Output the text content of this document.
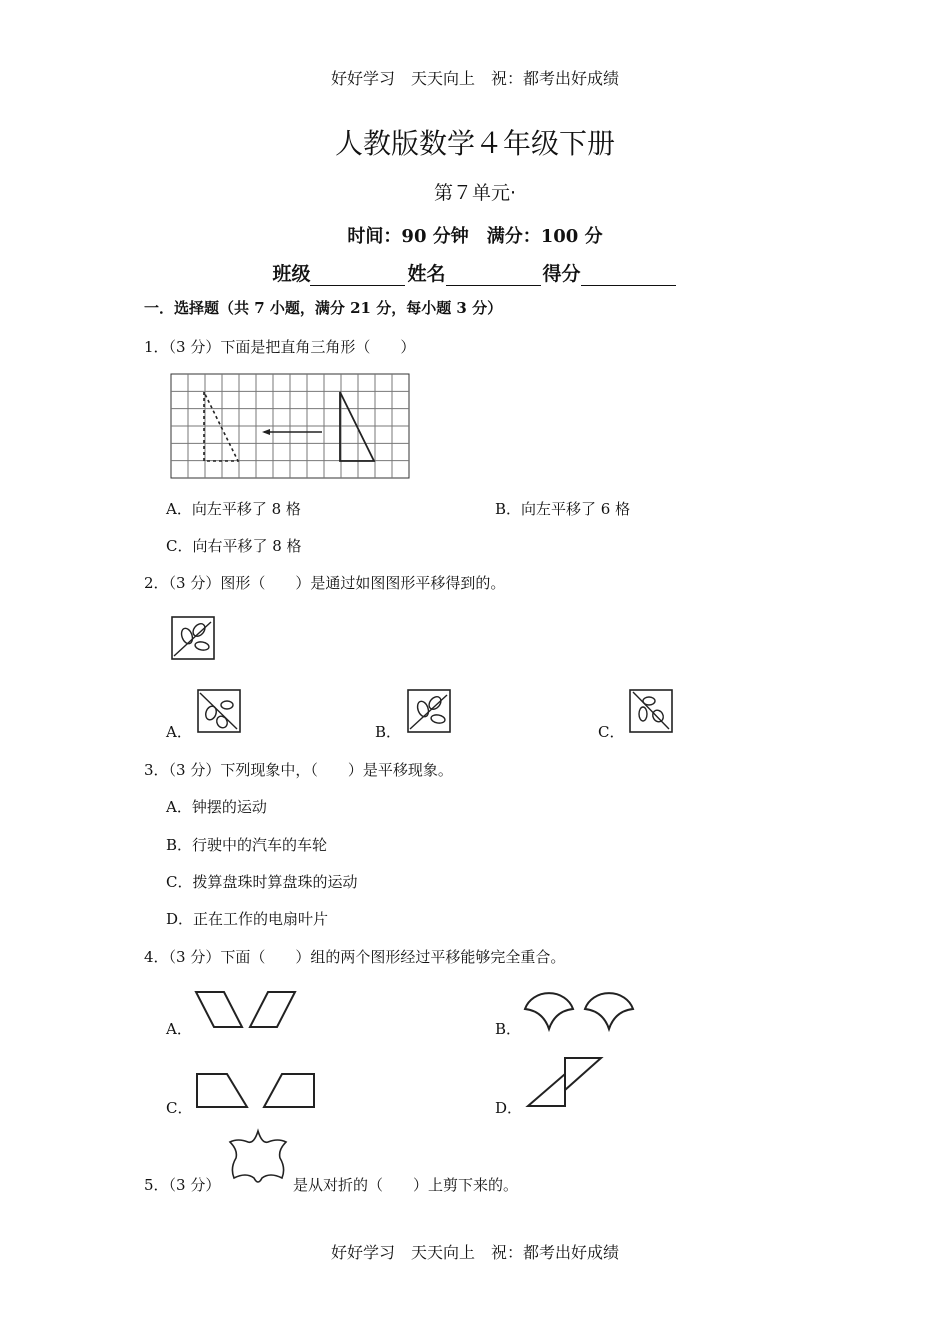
好好学习　天天向上　祝：都考出好成绩
人教版数学４年级下册
第７单元·
时间：90 分钟　满分：100 分
班级	姓名	得分
一．选择题（共 7 小题，满分 21 分，每小题 3 分）
1．（3 分）下面是把直角三角形（　　）
A．向左平移了 8 格	B．向左平移了 6 格
C．向右平移了 8 格
2．（3 分）图形（　　）是通过如图图形平移得到的。
A．	B．	C．
3．（3 分）下列现象中，（　　）是平移现象。
A．钟摆的运动
B．行驶中的汽车的车轮
C．拨算盘珠时算盘珠的运动
D．正在工作的电扇叶片
4．（3 分）下面（　　）组的两个图形经过平移能够完全重合。
A．	B．
C．	D．
5．（3 分）	是从对折的（　　）上剪下来的。
好好学习　天天向上　祝：都考出好成绩
